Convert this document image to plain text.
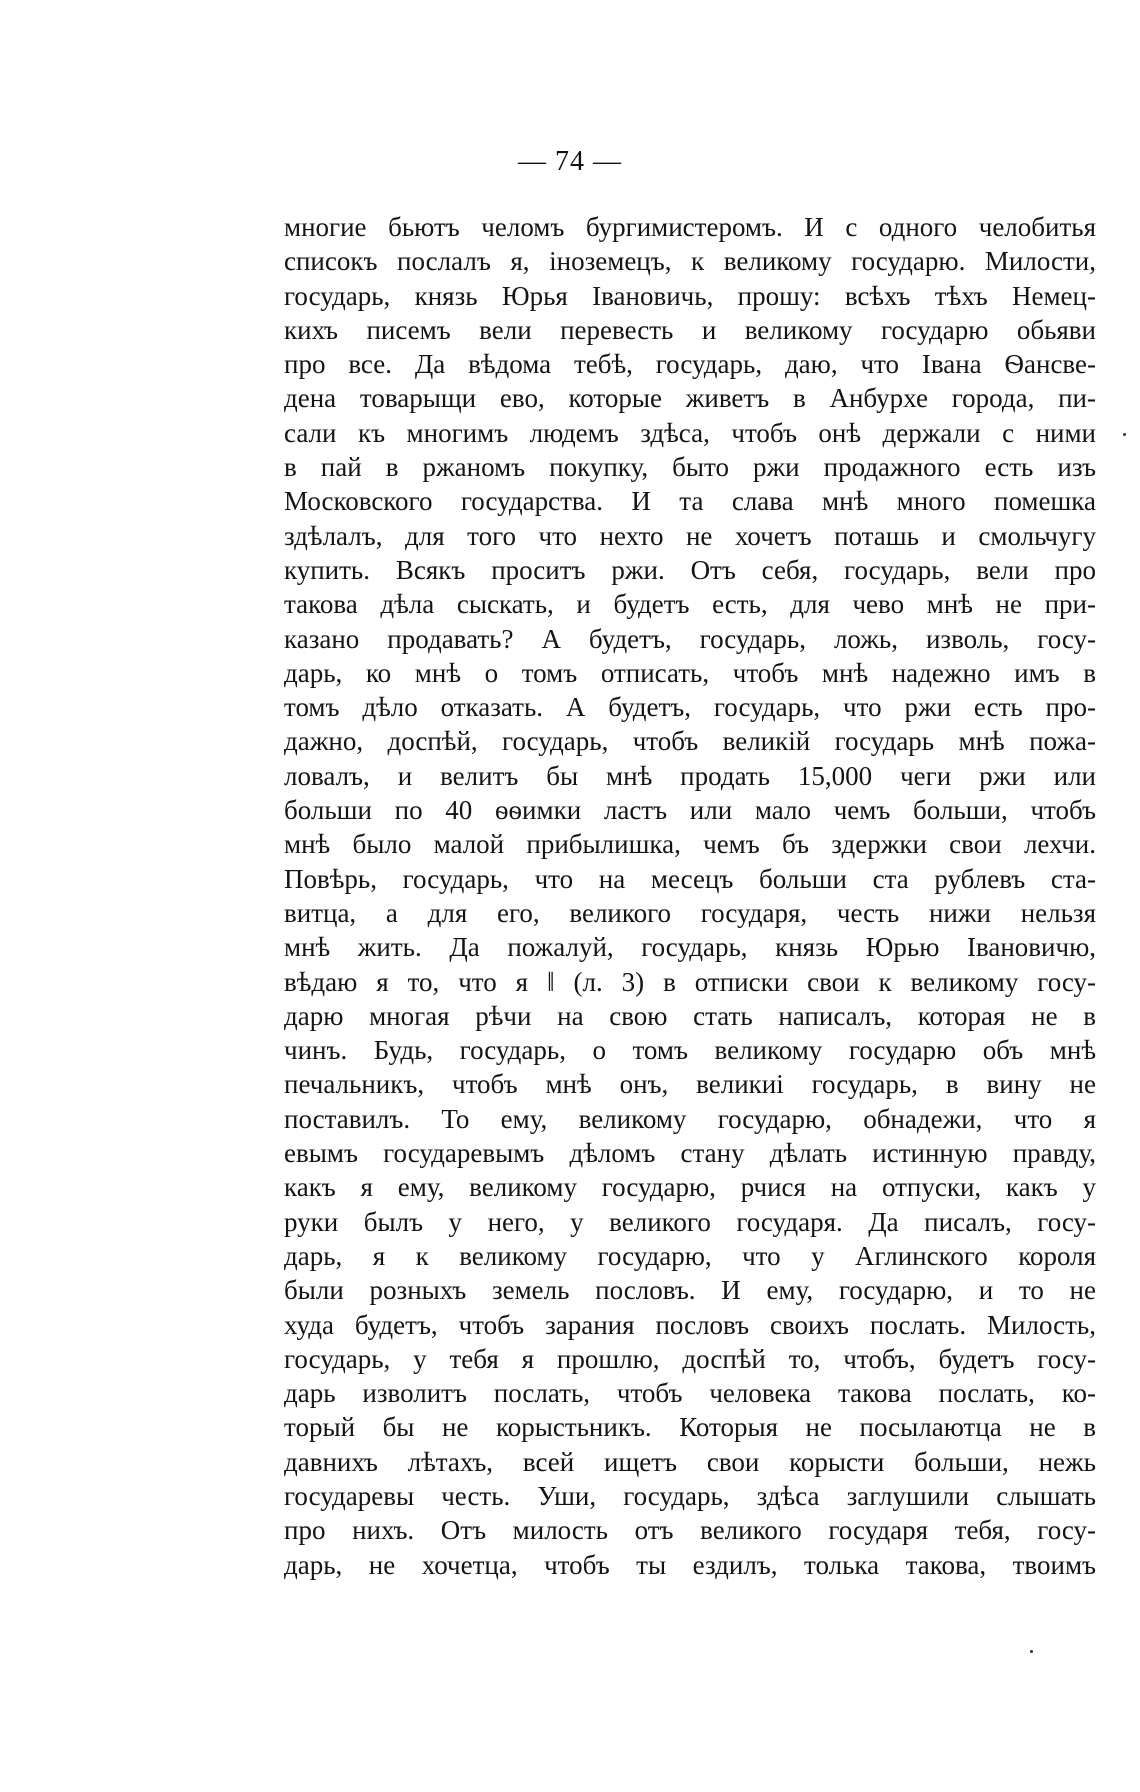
— 74 —
многие бьютъ челомъ бургимистеромъ. И с одного челобитья
списокъ послалъ я, іноземецъ, к великому государю. Милости,
государь, князь Юрья Івановичь, прошу: всѣхъ тѣхъ Немец-
кихъ писемъ вели перевесть и великому государю обьяви
про все. Да вѣдома тебѣ, государь, даю, что Івана Ѳансве-
дена товарыщи ево, которые живетъ в Анбурхе города, пи-
сали къ многимъ людемъ здѣса, чтобъ онѣ держали с ними
в пай в ржаномъ покупку, быто ржи продажного есть изъ
Московского государства. И та слава мнѣ много помешка
здѣлалъ, для того что нехто не хочетъ поташь и смольчугу
купить. Всякъ проситъ ржи. Отъ себя, государь, вели про
такова дѣла сыскать, и будетъ есть, для чево мнѣ не при-
казано продавать? А будетъ, государь, ложь, изволь, госу-
дарь, ко мнѣ о томъ отписать, чтобъ мнѣ надежно имъ в
томъ дѣло отказать. А будетъ, государь, что ржи есть про-
дажно, доспѣй, государь, чтобъ великій государь мнѣ пожа-
ловалъ, и велитъ бы мнѣ продать 15,000 чеги ржи или
больши по 40 ѳѳимки ластъ или мало чемъ больши, чтобъ
мнѣ было малой прибылишка, чемъ бъ здержки свои лехчи.
Повѣрь, государь, что на месецъ больши ста рублевъ ста-
витца, а для его, великого государя, честь нижи нельзя
мнѣ жить. Да пожалуй, государь, князь Юрью Івановичю,
вѣдаю я то, что я ‖ (л. 3) в отписки свои к великому госу-
дарю многая рѣчи на свою стать написалъ, которая не в
чинъ. Будь, государь, о томъ великому государю объ мнѣ
печальникъ, чтобъ мнѣ онъ, великиі государь, в вину не
поставилъ. То ему, великому государю, обнадежи, что я
евымъ государевымъ дѣломъ стану дѣлать истинную правду,
какъ я ему, великому государю, рчися на отпуски, какъ у
руки былъ у него, у великого государя. Да писалъ, госу-
дарь, я к великому государю, что у Аглинского короля
были розныхъ земель пословъ. И ему, государю, и то не
худа будетъ, чтобъ зарания пословъ своихъ послать. Милость,
государь, у тебя я прошлю, доспѣй то, чтобъ, будетъ госу-
дарь изволитъ послать, чтобъ человека такова послать, ко-
торый бы не корыстьникъ. Которыя не посылаютца не в
давнихъ лѣтахъ, всей ищетъ свои корысти больши, нежь
государевы честь. Уши, государь, здѣса заглушили слышать
про нихъ. Отъ милость отъ великого государя тебя, госу-
дарь, не хочетца, чтобъ ты ездилъ, толька такова, твоимъ
